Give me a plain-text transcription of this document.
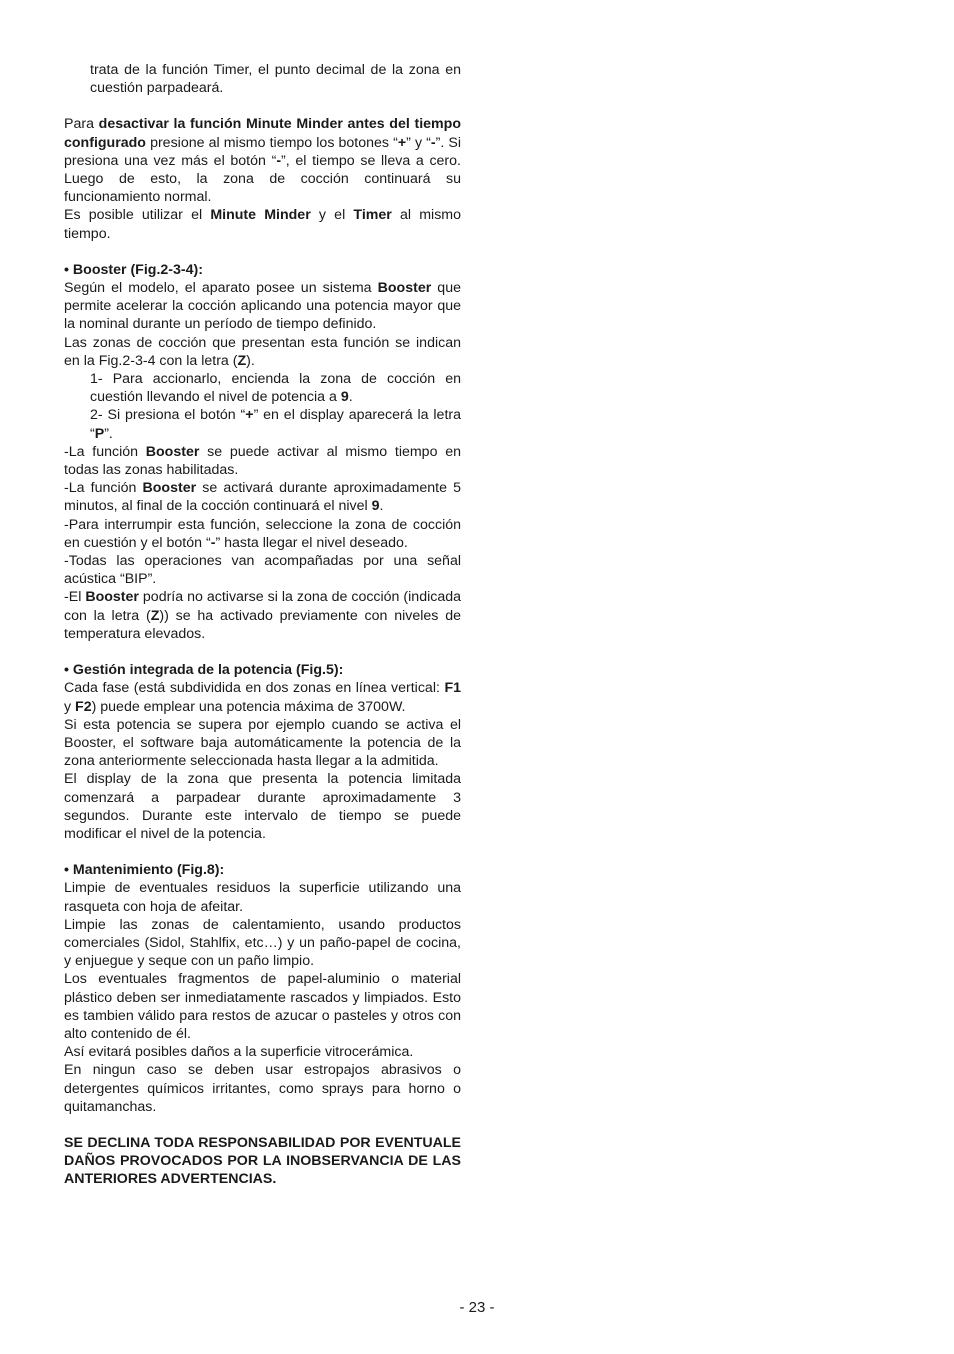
trata de la función Timer, el punto decimal de la zona en cuestión parpadeará.

Para desactivar la función Minute Minder antes del tiempo configurado presione al mismo tiempo los botones “+” y “-”. Si presiona una vez más el botón “-”, el tiempo se lleva a cero. Luego de esto, la zona de cocción continuará su funcionamiento normal.

Es posible utilizar el Minute Minder y el Timer al mismo tiempo.

• Booster (Fig.2-3-4):

Según el modelo, el aparato posee un sistema Booster que permite acelerar la cocción aplicando una potencia mayor que la nominal durante un período de tiempo definido.

Las zonas de cocción que presentan esta función se indican en la Fig.2-3-4 con la letra (Z).

1- Para accionarlo, encienda la zona de cocción en cuestión llevando el nivel de potencia a 9.

2- Si presiona el botón “+” en el display aparecerá la letra “P”.

-La función Booster se puede activar al mismo tiempo en todas las zonas habilitadas.

-La función Booster se activará durante aproximadamente 5 minutos, al final de la cocción continuará el nivel 9.

-Para interrumpir esta función, seleccione la zona de cocción en cuestión y el botón “-” hasta llegar el nivel deseado.

-Todas las operaciones van acompañadas por una señal acústica “BIP”.

-El Booster podría no activarse si la zona de cocción (indicada con la letra (Z)) se ha activado previamente con niveles de temperatura elevados.

• Gestión integrada de la potencia (Fig.5):

Cada fase (está subdividida en dos zonas en línea vertical: F1 y F2) puede emplear una potencia máxima de 3700W.

Si esta potencia se supera por ejemplo cuando se activa el Booster, el software baja automáticamente la potencia de la zona anteriormente seleccionada hasta llegar a la admitida.

El display de la zona que presenta la potencia limitada comenzará a parpadear durante aproximadamente 3 segundos. Durante este intervalo de tiempo se puede modificar el nivel de la potencia.

• Mantenimiento (Fig.8):

Limpie de eventuales residuos la superficie utilizando una rasqueta con hoja de afeitar.

Limpie las zonas de calentamiento, usando productos comerciales (Sidol, Stahlfix, etc…) y un paño-papel de cocina, y enjuegue y seque con un paño limpio.

Los eventuales fragmentos de papel-aluminio o material plástico deben ser inmediatamente rascados y limpiados. Esto es tambien válido para restos de azucar o pasteles y otros con alto contenido de él.

Así evitará posibles daños a la superficie vitrocerámica.

En ningun caso se deben usar estropajos abrasivos o detergentes químicos irritantes, como sprays para horno o quitamanchas.

SE DECLINA TODA RESPONSABILIDAD POR EVENTUALE DAÑOS PROVOCADOS POR LA INOBSERVANCIA DE LAS ANTERIORES ADVERTENCIAS.

- 23 -
